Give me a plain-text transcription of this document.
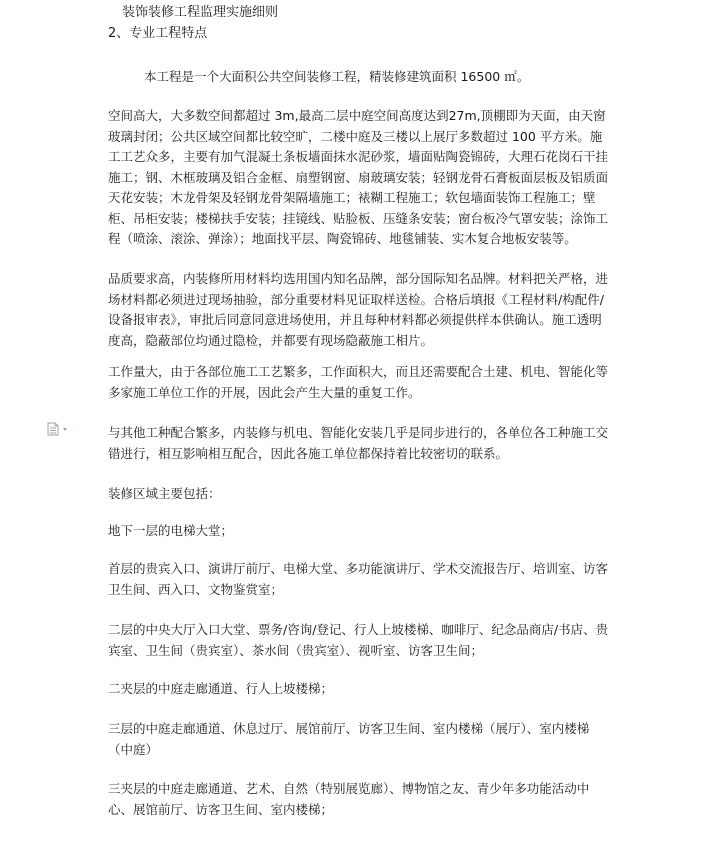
装饰装修工程监理实施细则
2、专业工程特点

本工程是一个大面积公共空间装修工程，精装修建筑面积 16500 ㎡。

空间高大，大多数空间都超过 3m,最高二层中庭空间高度达到27m,顶棚即为天面，由天窗玻璃封闭；公共区域空间都比较空旷，二楼中庭及三楼以上展厅多数超过 100 平方米。施工工艺众多，主要有加气混凝土条板墙面抹水泥砂浆，墙面贴陶瓷锦砖，大理石花岗石干挂施工；钢、木框玻璃及铝合金框、扇塑钢窗、扇玻璃安装；轻钢龙骨石膏板面层板及铝质面天花安装；木龙骨架及轻钢龙骨架隔墙施工；裱糊工程施工；软包墙面装饰工程施工；壁柜、吊柜安装；楼梯扶手安装；挂镜线、贴脸板、压缝条安装；窗台板冷气罩安装；涂饰工程（喷涂、滚涂、弹涂）；地面找平层、陶瓷锦砖、地毯铺装、实木复合地板安装等。

品质要求高，内装修所用材料均选用国内知名品牌，部分国际知名品牌。材料把关严格，进场材料都必须进过现场抽验，部分重要材料见证取样送检。合格后填报《工程材料/构配件/设备报审表》，审批后同意同意进场使用，并且每种材料都必须提供样本供确认。施工透明度高，隐蔽部位均通过隐检，并都要有现场隐蔽施工相片。

工作量大，由于各部位施工工艺繁多，工作面积大，而且还需要配合土建、机电、智能化等多家施工单位工作的开展，因此会产生大量的重复工作。

与其他工种配合繁多，内装修与机电、智能化安装几乎是同步进行的，各单位各工种施工交错进行，相互影响相互配合，因此各施工单位都保持着比较密切的联系。

装修区域主要包括：

地下一层的电梯大堂；

首层的贵宾入口、演讲厅前厅、电梯大堂、多功能演讲厅、学术交流报告厅、培训室、访客卫生间、西入口、文物鉴赏室；

二层的中央大厅入口大堂、票务/咨询/登记、行人上坡楼梯、咖啡厅、纪念品商店/书店、贵宾室、卫生间（贵宾室）、茶水间（贵宾室）、视听室、访客卫生间；

二夹层的中庭走廊通道、行人上坡楼梯；

三层的中庭走廊通道、休息过厅、展馆前厅、访客卫生间、室内楼梯（展厅）、室内楼梯（中庭）

三夹层的中庭走廊通道、艺术、自然（特别展览廊）、博物馆之友、青少年多功能活动中心、展馆前厅、访客卫生间、室内楼梯；
